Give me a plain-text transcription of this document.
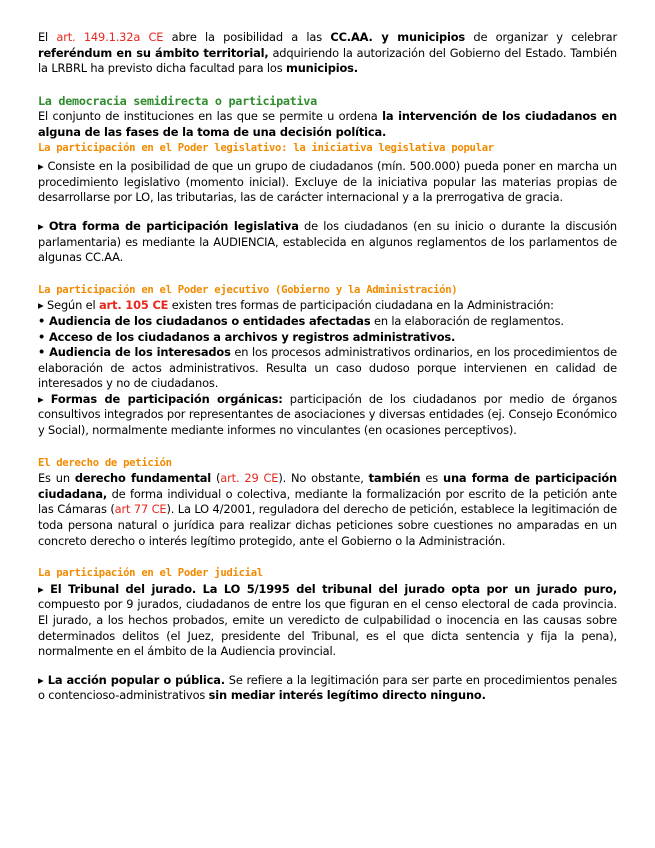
El art. 149.1.32a CE abre la posibilidad a las CC.AA. y municipios de organizar y celebrar referéndum en su ámbito territorial, adquiriendo la autorización del Gobierno del Estado. También la LRBRL ha previsto dicha facultad para los municipios.

La democracia semidirecta o participativa

El conjunto de instituciones en las que se permite u ordena la intervención de los ciudadanos en alguna de las fases de la toma de una decisión política.

La participación en el Poder legislativo: la iniciativa legislativa popular

▸ Consiste en la posibilidad de que un grupo de ciudadanos (mín. 500.000) pueda poner en marcha un procedimiento legislativo (momento inicial). Excluye de la iniciativa popular las materias propias de desarrollarse por LO, las tributarias, las de carácter internacional y a la prerrogativa de gracia.

▸ Otra forma de participación legislativa de los ciudadanos (en su inicio o durante la discusión parlamentaria) es mediante la AUDIENCIA, establecida en algunos reglamentos de los parlamentos de algunas CC.AA.

La participación en el Poder ejecutivo (Gobierno y la Administración)

▸ Según el art. 105 CE existen tres formas de participación ciudadana en la Administración:

• Audiencia de los ciudadanos o entidades afectadas en la elaboración de reglamentos.

• Acceso de los ciudadanos a archivos y registros administrativos.

• Audiencia de los interesados en los procesos administrativos ordinarios, en los procedimientos de elaboración de actos administrativos. Resulta un caso dudoso porque intervienen en calidad de interesados y no de ciudadanos.

▸ Formas de participación orgánicas: participación de los ciudadanos por medio de órganos consultivos integrados por representantes de asociaciones y diversas entidades (ej. Consejo Económico y Social), normalmente mediante informes no vinculantes (en ocasiones perceptivos).

El derecho de petición

Es un derecho fundamental (art. 29 CE). No obstante, también es una forma de participación ciudadana, de forma individual o colectiva, mediante la formalización por escrito de la petición ante las Cámaras (art 77 CE). La LO 4/2001, reguladora del derecho de petición, establece la legitimación de toda persona natural o jurídica para realizar dichas peticiones sobre cuestiones no amparadas en un concreto derecho o interés legítimo protegido, ante el Gobierno o la Administración.

La participación en el Poder judicial

▸ El Tribunal del jurado. La LO 5/1995 del tribunal del jurado opta por un jurado puro, compuesto por 9 jurados, ciudadanos de entre los que figuran en el censo electoral de cada provincia. El jurado, a los hechos probados, emite un veredicto de culpabilidad o inocencia en las causas sobre determinados delitos (el Juez, presidente del Tribunal, es el que dicta sentencia y fija la pena), normalmente en el ámbito de la Audiencia provincial.

▸ La acción popular o pública. Se refiere a la legitimación para ser parte en procedimientos penales o contencioso-administrativos sin mediar interés legítimo directo ninguno.
